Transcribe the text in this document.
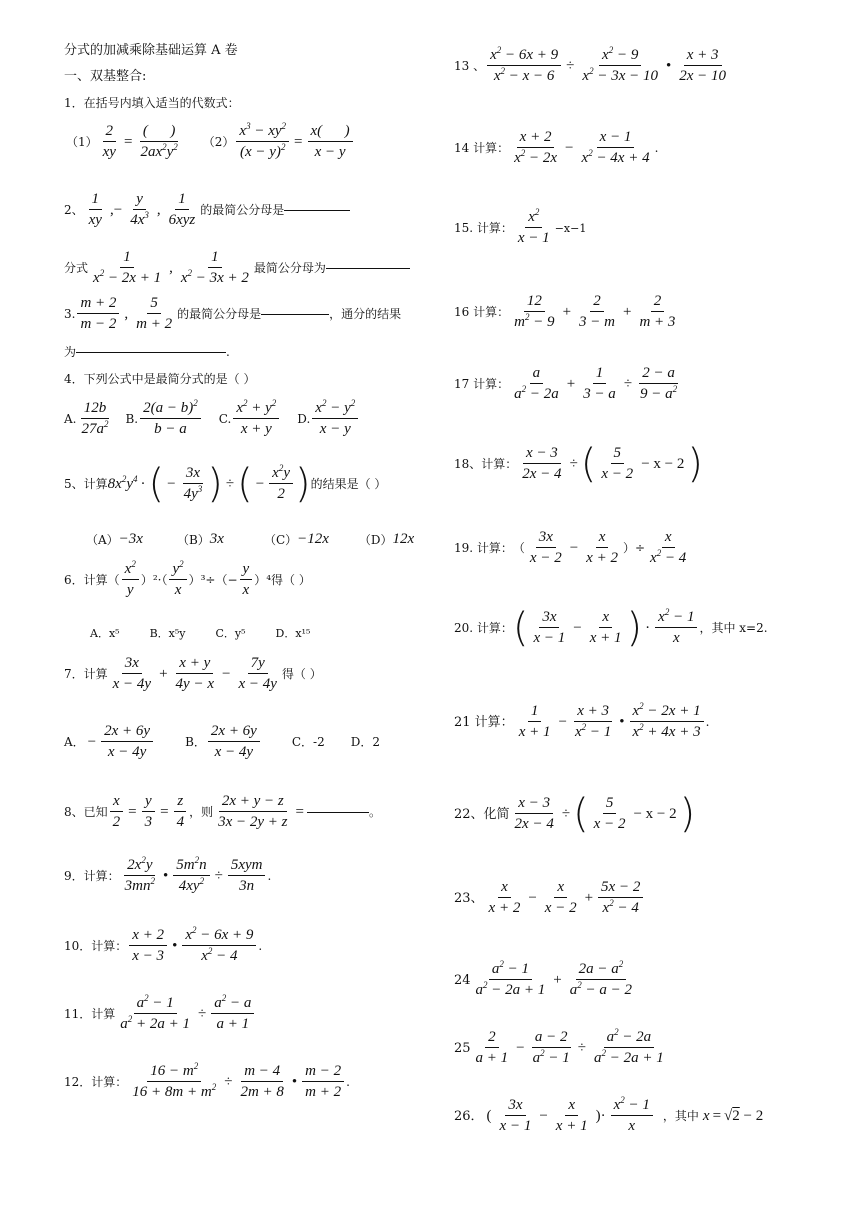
分式的加减乘除基础运算 A 卷
一、双基整合:
1．在括号内填入适当的代数式：
$(1) \frac{2}{xy} = \frac{( )}{2ax^2y^2} (2) \frac{x^3 - xy^2}{(x - y)^2} = \frac{x( )}{x - y}$
2、 $\frac{1}{xy}$ ,− $\frac{y}{4x^3}$ , $\frac{1}{\text{6xyz}}$ 的最简公分母是
分式 $\frac{1}{x^2 - 2x + 1}$ , $\frac{1}{x^2 - 3x + 2}$ 最简公分母为
3. $\frac{m + 2}{m - 2}$ , $\frac{5}{m + 2}$ 的最简公分母是	，通分的结果
为	.
4．下列公式中是最简分式的是（ ）
A. $\frac{12b}{27a^2} B$. $\frac{2(a - b)^2}{b - a} C$. $\frac{x^2 + y^2}{x + y} D$. $\frac{x^2 - y^2}{x - y}$
5、计算 $8x^2y^4$ · ( − $\frac{3x}{4y^3}$ ) ÷ ( − $\frac{x^2y}{2}$ ) 的结果是（ ）
（A） −3x	（B） 3x	（C） −12x	（D） 12x
6．计算（ $\frac{x^2}{y} )^2\cdot( \frac{y^2}{x} )^3\div(- \frac{y}{x} )^4$得（ ）
A．x⁵	B．x⁵y	C．y⁵	D．x¹⁵
7．计算 $\frac{3x}{x - 4y} + \frac{x + y}{4y - x} - \frac{7y}{x - 4y}$ 得（ ）
A． − $\frac{2x + 6y}{x - 4y}$	B． $\frac{2x + 6y}{x - 4y}$	C．-2 D．2
8、已知 $\frac{x}{2} = \frac{y}{3} = \frac{z}{4}$ ，则 $\frac{2x + y - z}{3x - 2y + z}$ =	。
9．计算： $\frac{2x^2y}{3mn^2}$ • $\frac{5m^2n}{4xy^2} \div \frac{\text{5xym}}{3n}$ .
10．计算： $\frac{x + 2}{x - 3}$ • $\frac{x^2 - 6x + 9}{x^2 - 4}$ .
11．计算 $\frac{a^2 - 1}{a^2 + 2a + 1} \div \frac{a^2 - a}{a + 1}$
12．计算： $\frac{16 - m^2}{16 + 8m + m^2} \div \frac{m - 4}{2m + 8}$ • $\frac{m - 2}{m + 2}$ .
13 、 $\frac{x^2 - 6x + 9}{x^2 - x - 6} \div \frac{x^2 - 9}{x^2 - 3x - 10}$ • $\frac{x + 3}{2x - 10}$
14 计算： $\frac{x + 2}{x^2 - 2x} - \frac{x - 1}{x^2 - 4x + 4}$ .
15. 计算： $\frac{x^2}{x - 1} -x-1$
16 计算： $\frac{12}{m^2 - 9} + \frac{2}{3 - m} + \frac{2}{m + 3}$
17 计算： $\frac{a}{a^2 - 2a} + \frac{1}{3 - a} \div \frac{2 - a}{9 - a^2}$
18、计算： $\frac{x - 3}{2x - 4}$ ÷ ( $\frac{5}{x - 2} - x - 2$ )
19. 计算： （ $\frac{3x}{x - 2} - \frac{x}{x + 2}$ ）÷ $\frac{x}{x^2 - 4}$
20. 计算： ( $\frac{3x}{x - 1} - \frac{x}{x + 1}$ ) · $\frac{x^2 - 1}{x}$ ，其中 x=2.
21 计算： $\frac{1}{x + 1} - \frac{x + 3}{x^2 - 1}$ • $\frac{x^2 - 2x + 1}{x^2 + 4x + 3}$ .
22、化简 $\frac{x - 3}{2x - 4}$ ÷ ( $\frac{5}{x - 2} - x - 2$ )
23、 $\frac{x}{x + 2} - \frac{x}{x - 2} + \frac{5x - 2}{x^2 - 4}$
$24 \frac{a^2 - 1}{a^2 - 2a + 1} + \frac{2a - a^2}{a^2 - a - 2}$
$25 \frac{2}{a + 1} - \frac{a - 2}{a^2 - 1} \div \frac{a^2 - 2a}{a^2 - 2a + 1}$
26． ( $\frac{3x}{x - 1} - \frac{x}{x + 1}$ )· $\frac{x^2 - 1}{x}$ ，其中 x = √2 − 2
